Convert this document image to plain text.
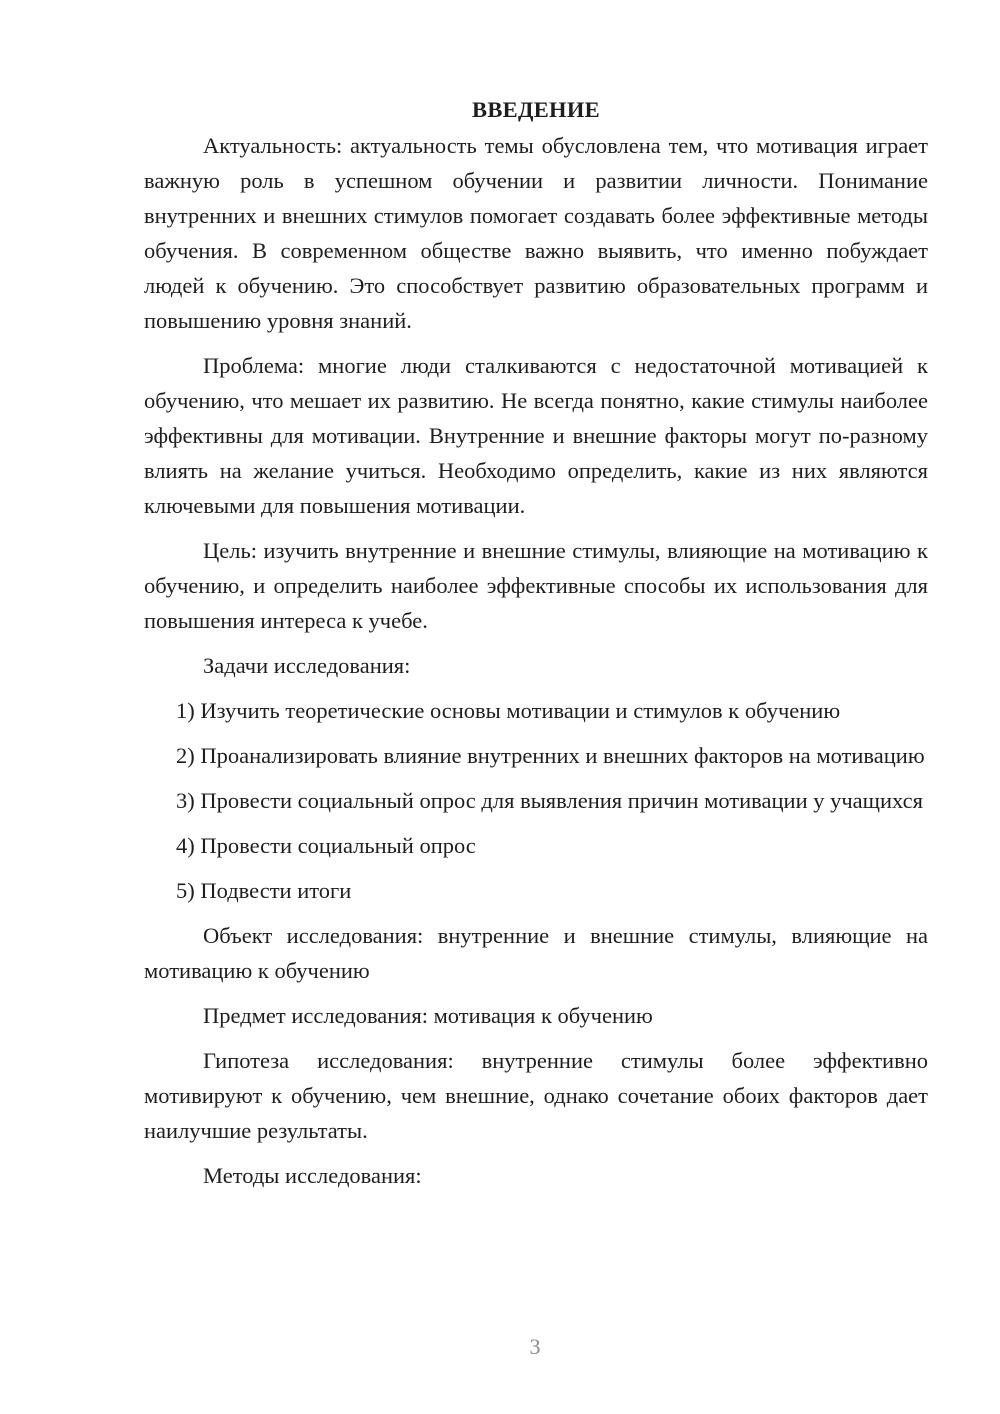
ВВЕДЕНИЕ

Актуальность: актуальность темы обусловлена тем, что мотивация играет важную роль в успешном обучении и развитии личности. Понимание внутренних и внешних стимулов помогает создавать более эффективные методы обучения. В современном обществе важно выявить, что именно побуждает людей к обучению. Это способствует развитию образовательных программ и повышению уровня знаний.

Проблема: многие люди сталкиваются с недостаточной мотивацией к обучению, что мешает их развитию. Не всегда понятно, какие стимулы наиболее эффективны для мотивации. Внутренние и внешние факторы могут по-разному влиять на желание учиться. Необходимо определить, какие из них являются ключевыми для повышения мотивации.

Цель: изучить внутренние и внешние стимулы, влияющие на мотивацию к обучению, и определить наиболее эффективные способы их использования для повышения интереса к учебе.

Задачи исследования:

1) Изучить теоретические основы мотивации и стимулов к обучению

2) Проанализировать влияние внутренних и внешних факторов на мотивацию

3) Провести социальный опрос для выявления причин мотивации у учащихся

4) Провести социальный опрос

5) Подвести итоги

Объект исследования: внутренние и внешние стимулы, влияющие на мотивацию к обучению

Предмет исследования: мотивация к обучению

Гипотеза исследования: внутренние стимулы более эффективно мотивируют к обучению, чем внешние, однако сочетание обоих факторов дает наилучшие результаты.

Методы исследования:

3
